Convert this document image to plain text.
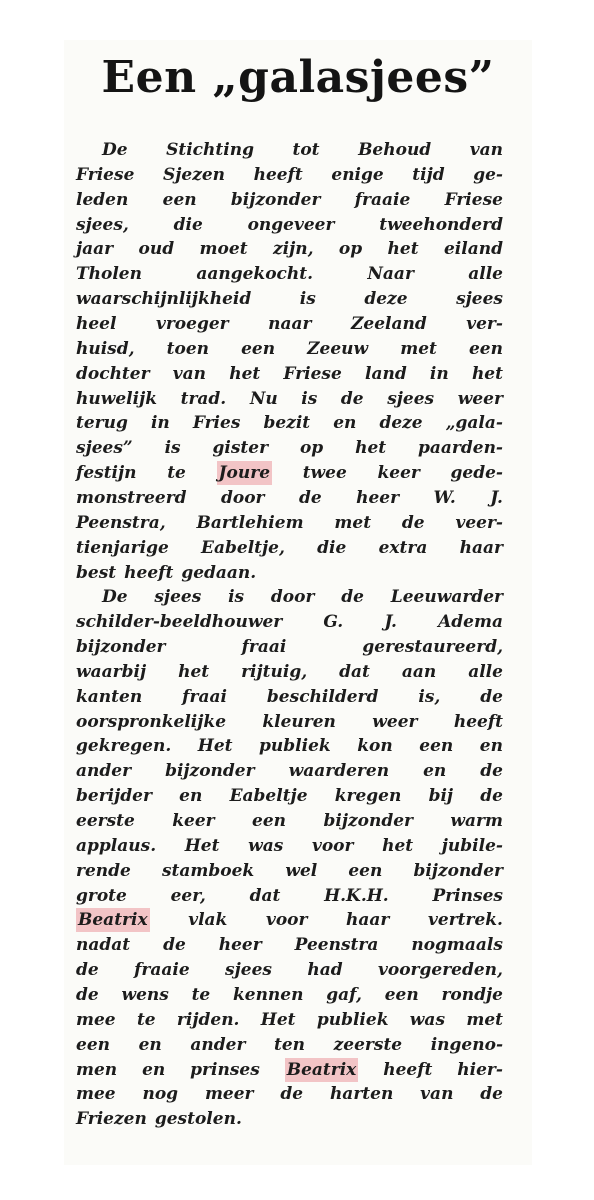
Een „galasjees”
De Stichting tot Behoud van
Friese Sjezen heeft enige tijd ge-
leden een bijzonder fraaie Friese
sjees,	die	ongeveer	tweehonderd
jaar oud moet zijn, op het eiland
Tholen	aangekocht.	Naar	alle
waarschijnlijkheid	is	deze	sjees
heel vroeger naar Zeeland ver-
huisd, toen een Zeeuw met een
dochter van het Friese land in het
huwelijk trad. Nu is de sjees weer
terug in Fries bezit en deze „gala-
sjees” is gister op het paarden-
festijn te Joure twee keer gede-
monstreerd door de heer W. J.
Peenstra, Bartlehiem met de veer-
tienjarige Eabeltje, die extra haar
best heeft gedaan.
De sjees is door de Leeuwarder
schilder-beeldhouwer G. J. Adema
bijzonder	fraai	gerestaureerd,
waarbij het rijtuig, dat aan alle
kanten fraai beschilderd is, de
oorspronkelijke kleuren weer heeft
gekregen. Het publiek kon een en
ander bijzonder waarderen en de
berijder en Eabeltje kregen bij de
eerste keer een bijzonder warm
applaus. Het was voor het jubile-
rende stamboek wel een bijzonder
grote	eer,	dat	H.K.H.	Prinses
Beatrix vlak voor haar vertrek.
nadat de heer Peenstra nogmaals
de fraaie sjees had voorgereden,
de wens te kennen gaf, een rondje
mee te rijden. Het publiek was met
een en ander ten zeerste ingeno-
men en prinses Beatrix heeft hier-
mee nog meer de harten van de
Friezen gestolen.
